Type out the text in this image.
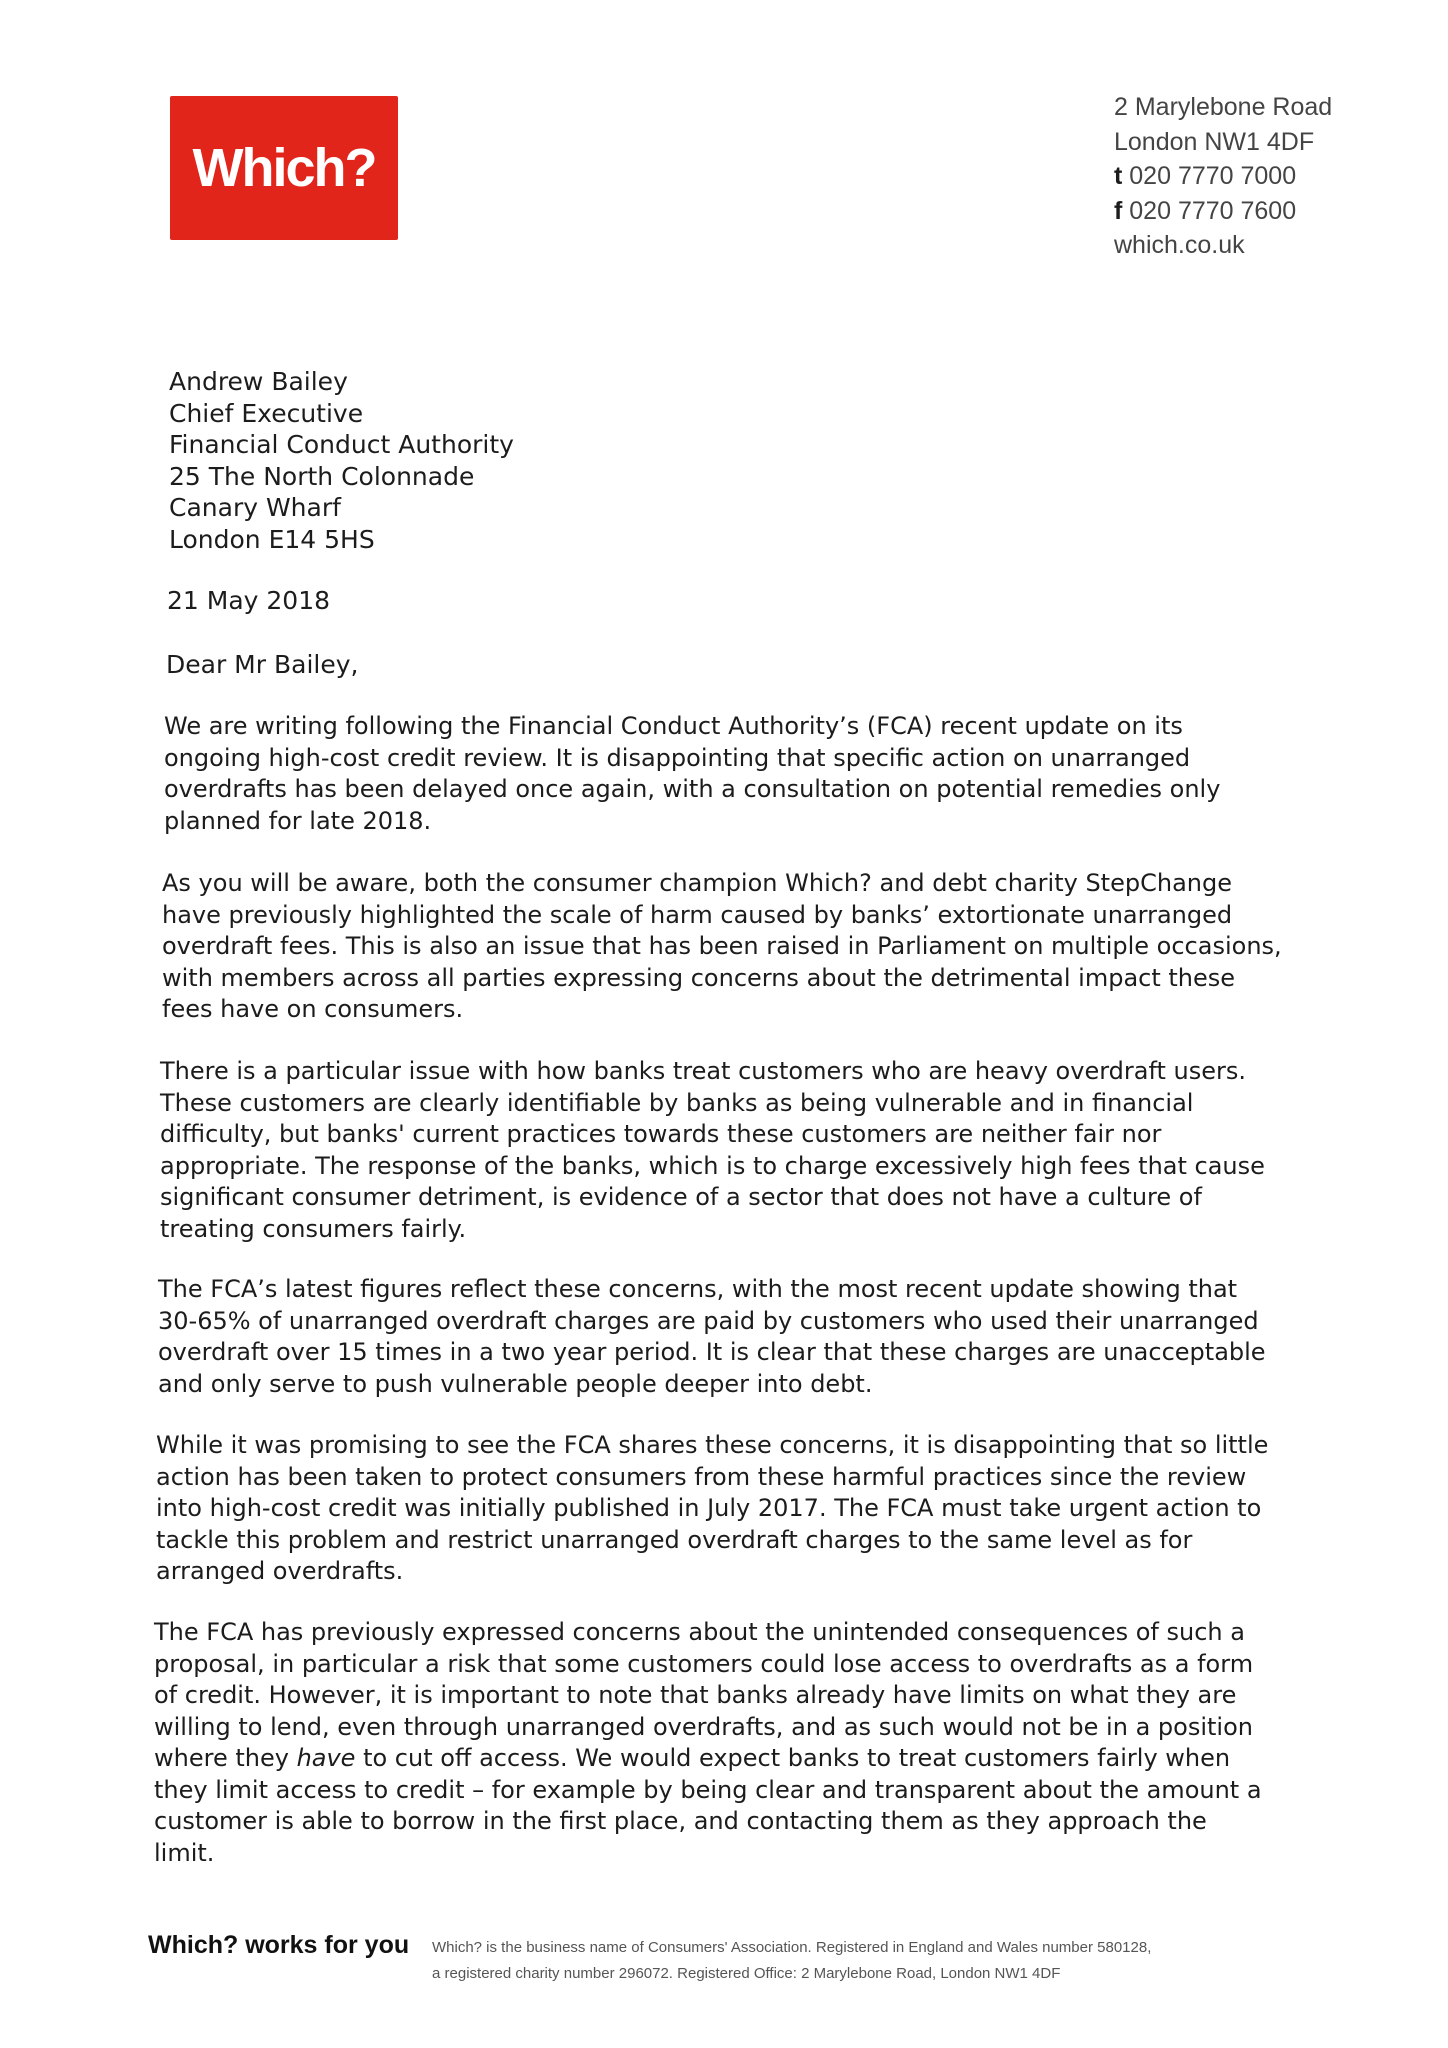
Which?
2 Marylebone Road
London NW1 4DF
t 020 7770 7000
f 020 7770 7600
which.co.uk
Andrew Bailey
Chief Executive
Financial Conduct Authority
25 The North Colonnade
Canary Wharf
London E14 5HS
21 May 2018
Dear Mr Bailey,

We are writing following the Financial Conduct Authority’s (FCA) recent update on its ongoing high-cost credit review. It is disappointing that specific action on unarranged overdrafts has been delayed once again, with a consultation on potential remedies only planned for late 2018.

As you will be aware, both the consumer champion Which? and debt charity StepChange have previously highlighted the scale of harm caused by banks’ extortionate unarranged overdraft fees. This is also an issue that has been raised in Parliament on multiple occasions, with members across all parties expressing concerns about the detrimental impact these fees have on consumers.

There is a particular issue with how banks treat customers who are heavy overdraft users. These customers are clearly identifiable by banks as being vulnerable and in financial difficulty, but banks' current practices towards these customers are neither fair nor appropriate. The response of the banks, which is to charge excessively high fees that cause significant consumer detriment, is evidence of a sector that does not have a culture of treating consumers fairly.

The FCA’s latest figures reflect these concerns, with the most recent update showing that 30-65% of unarranged overdraft charges are paid by customers who used their unarranged overdraft over 15 times in a two year period. It is clear that these charges are unacceptable and only serve to push vulnerable people deeper into debt.

While it was promising to see the FCA shares these concerns, it is disappointing that so little action has been taken to protect consumers from these harmful practices since the review into high-cost credit was initially published in July 2017. The FCA must take urgent action to tackle this problem and restrict unarranged overdraft charges to the same level as for arranged overdrafts.

The FCA has previously expressed concerns about the unintended consequences of such a proposal, in particular a risk that some customers could lose access to overdrafts as a form of credit. However, it is important to note that banks already have limits on what they are willing to lend, even through unarranged overdrafts, and as such would not be in a position where they have to cut off access. We would expect banks to treat customers fairly when they limit access to credit – for example by being clear and transparent about the amount a customer is able to borrow in the first place, and contacting them as they approach the limit.

Which? works for you Which? is the business name of Consumers' Association. Registered in England and Wales number 580128,
a registered charity number 296072. Registered Office: 2 Marylebone Road, London NW1 4DF
